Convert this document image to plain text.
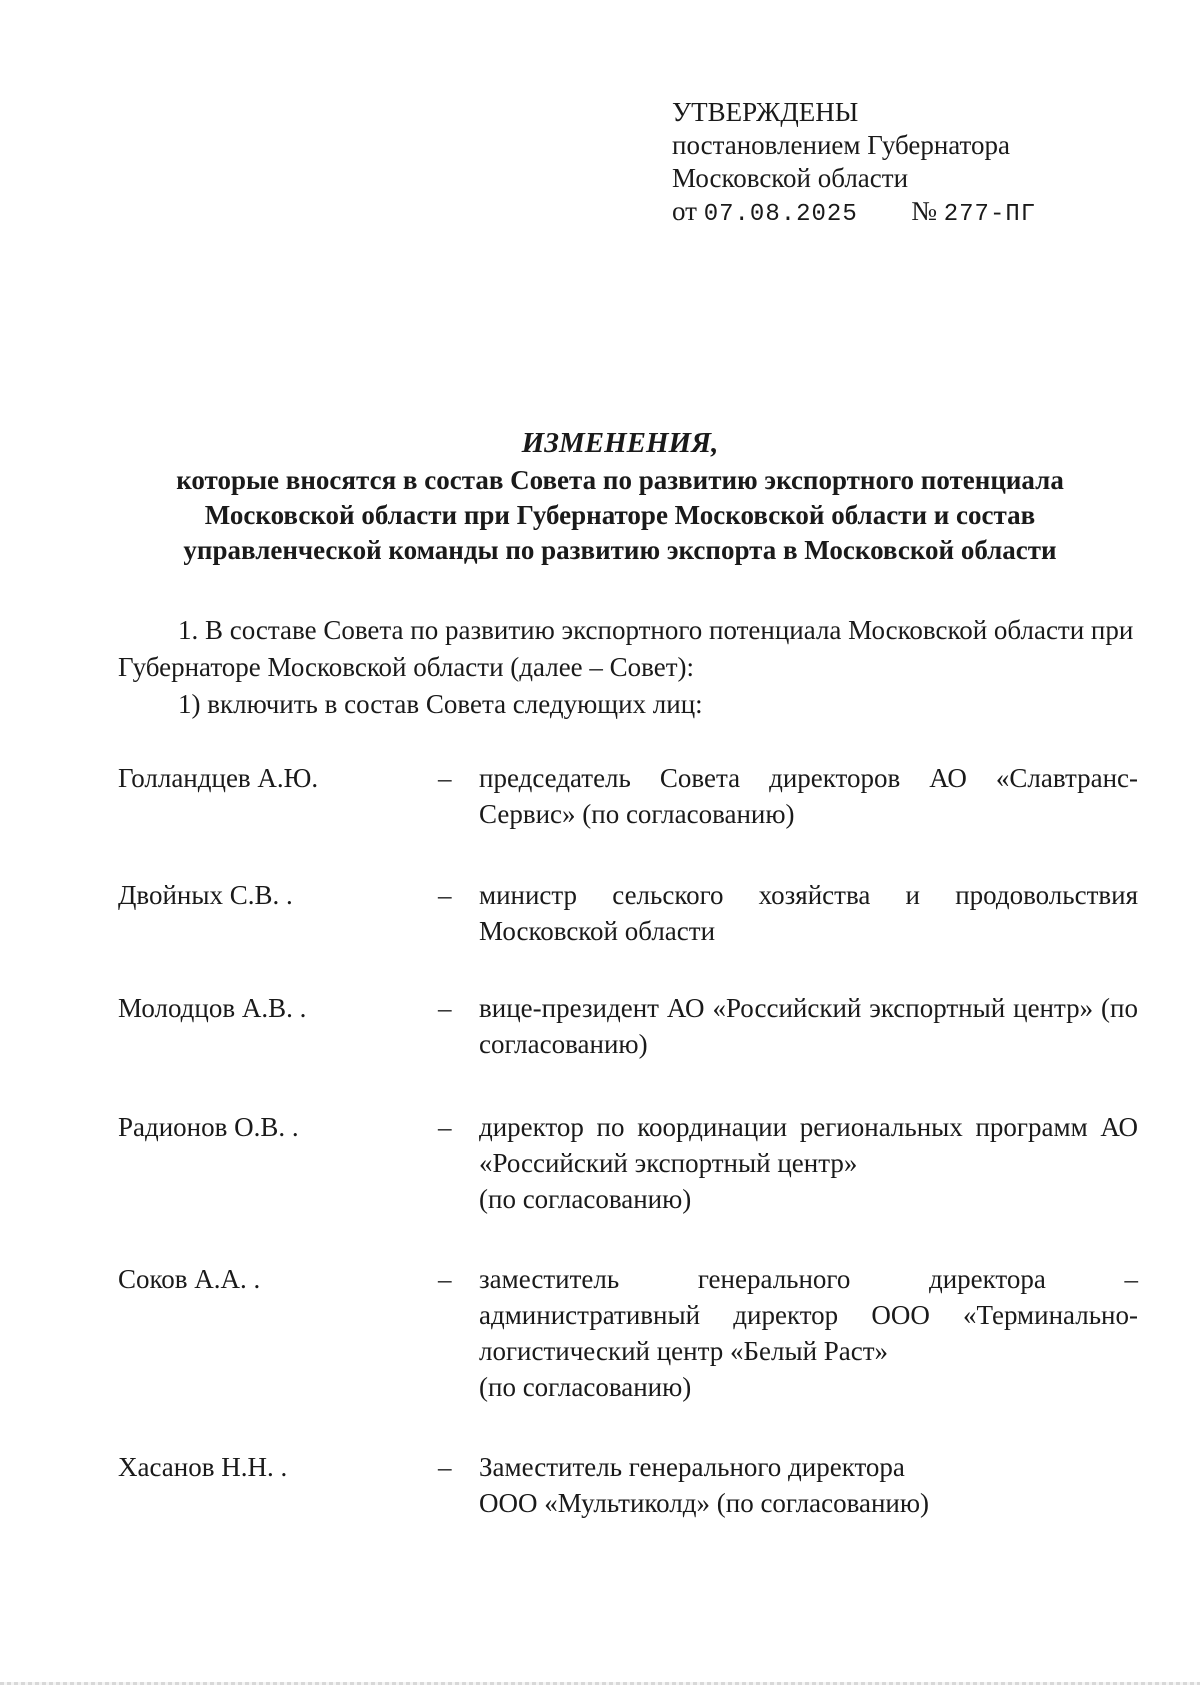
УТВЕРЖДЕНЫ
постановлением Губернатора
Московской области
от 07.08.2025 № 277-ПГ
ИЗМЕНЕНИЯ,
которые вносятся в состав Совета по развитию экспортного потенциала
Московской области при Губернаторе Московской области и состав
управленческой команды по развитию экспорта в Московской области

1. В составе Совета по развитию экспортного потенциала Московской области при Губернаторе Московской области (далее – Совет):

1) включить в состав Совета следующих лиц:

Голландцев А.Ю.	– председатель Совета директоров АО «Славтранс-Сервис» (по согласованию)
Двойных С.В. .	– министр сельского хозяйства и продовольствия Московской области
Молодцов А.В. .	– вице-президент АО «Российский экспортный центр» (по согласованию)
Радионов О.В. .	– директор по координации региональных программ АО «Российский экспортный центр»
(по согласованию)
Соков А.А. .	– заместитель генерального директора – административный директор ООО «Терминально-логистический центр «Белый Раст»
(по согласованию)
Хасанов Н.Н. .	– Заместитель генерального директора
ООО «Мультиколд» (по согласованию)
